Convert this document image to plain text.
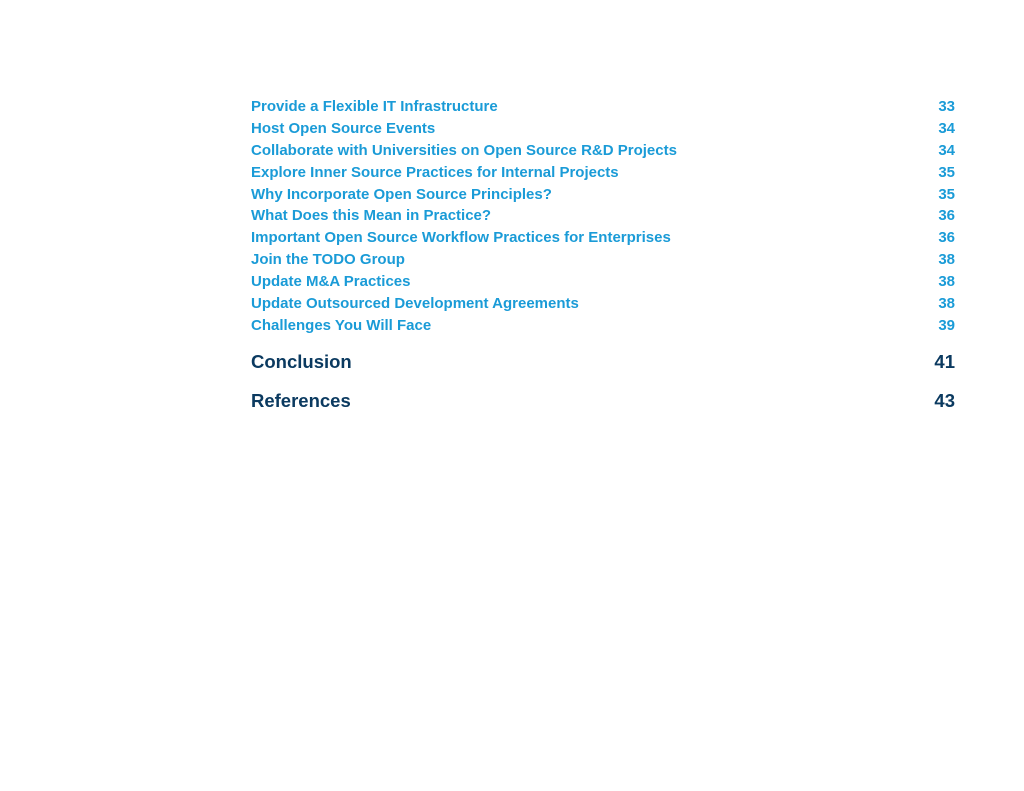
Provide a Flexible IT Infrastructure	33
Host Open Source Events	34
Collaborate with Universities on Open Source R&D Projects	34
Explore Inner Source Practices for Internal Projects	35
Why Incorporate Open Source Principles?	35
What Does this Mean in Practice?	36
Important Open Source Workflow Practices for Enterprises	36
Join the TODO Group	38
Update M&A Practices	38
Update Outsourced Development Agreements	38
Challenges You Will Face	39
Conclusion	41
References	43
